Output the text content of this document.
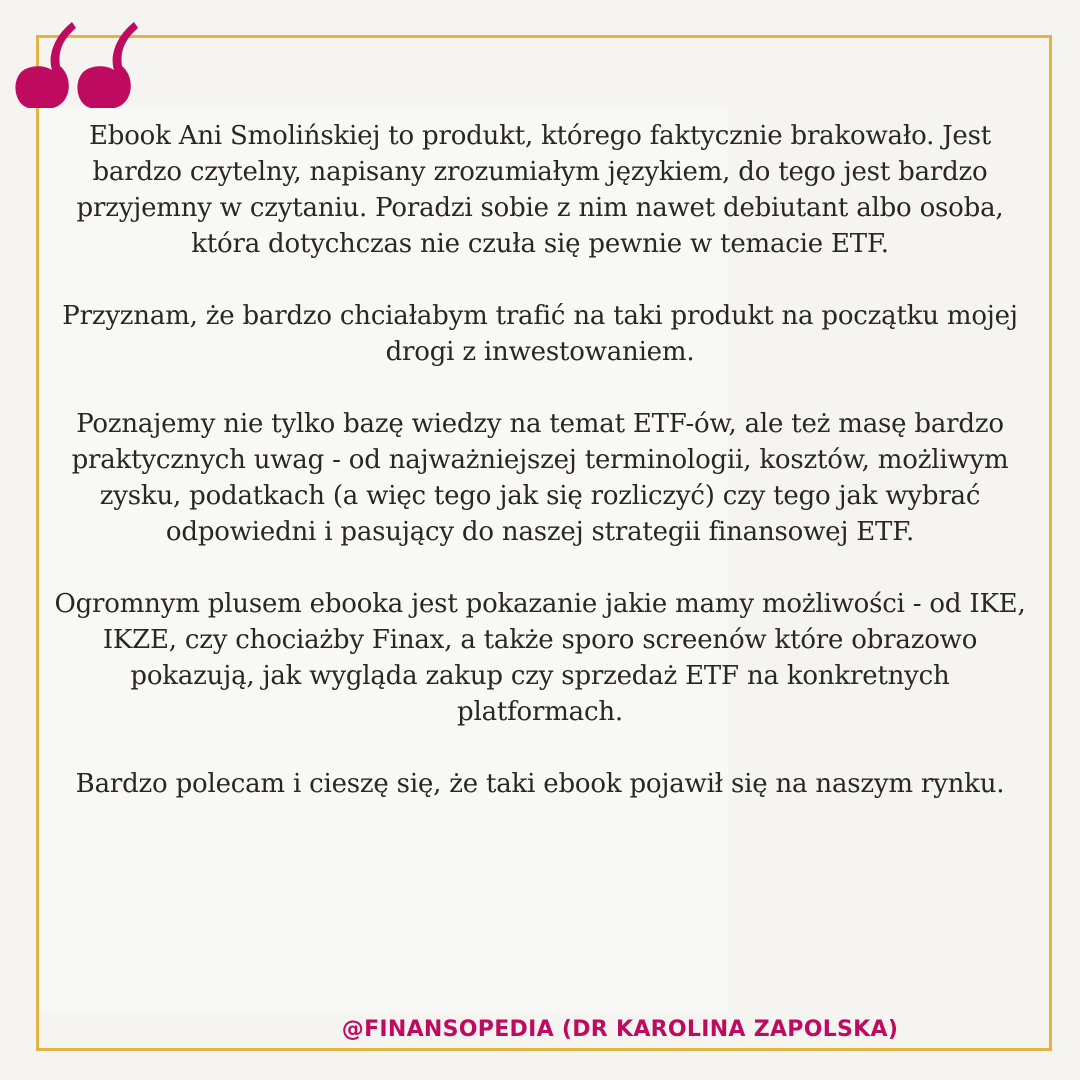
Ebook Ani Smolińskiej to produkt, którego faktycznie brakowało. Jest bardzo czytelny, napisany zrozumiałym językiem, do tego jest bardzo przyjemny w czytaniu. Poradzi sobie z nim nawet debiutant albo osoba, która dotychczas nie czuła się pewnie w temacie ETF.

Przyznam, że bardzo chciałabym trafić na taki produkt na początku mojej drogi z inwestowaniem.

Poznajemy nie tylko bazę wiedzy na temat ETF-ów, ale też masę bardzo praktycznych uwag - od najważniejszej terminologii, kosztów, możliwym zysku, podatkach (a więc tego jak się rozliczyć) czy tego jak wybrać odpowiedni i pasujący do naszej strategii finansowej ETF.

Ogromnym plusem ebooka jest pokazanie jakie mamy możliwości - od IKE, IKZE, czy chociażby Finax, a także sporo screenów które obrazowo pokazują, jak wygląda zakup czy sprzedaż ETF na konkretnych platformach.

Bardzo polecam i cieszę się, że taki ebook pojawił się na naszym rynku.

@FINANSOPEDIA (DR KAROLINA ZAPOLSKA)
